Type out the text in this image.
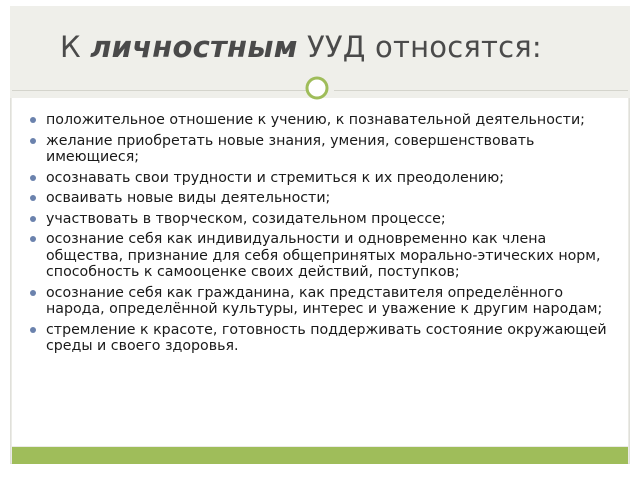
К личностным УУД относятся:
положительное отношение к учению, к познавательной деятельности;
желание приобретать новые знания, умения, совершенствовать имеющиеся;
осознавать свои трудности и стремиться к их преодолению;
осваивать новые виды деятельности;
участвовать в творческом, созидательном процессе;
осознание себя как индивидуальности и одновременно как члена общества, признание для себя общепринятых морально-этических норм, способность к самооценке своих действий, поступков;
осознание себя как гражданина, как представителя определённого народа, определённой культуры, интерес и уважение к другим народам;
стремление к красоте, готовность поддерживать состояние окружающей среды и своего здоровья.
